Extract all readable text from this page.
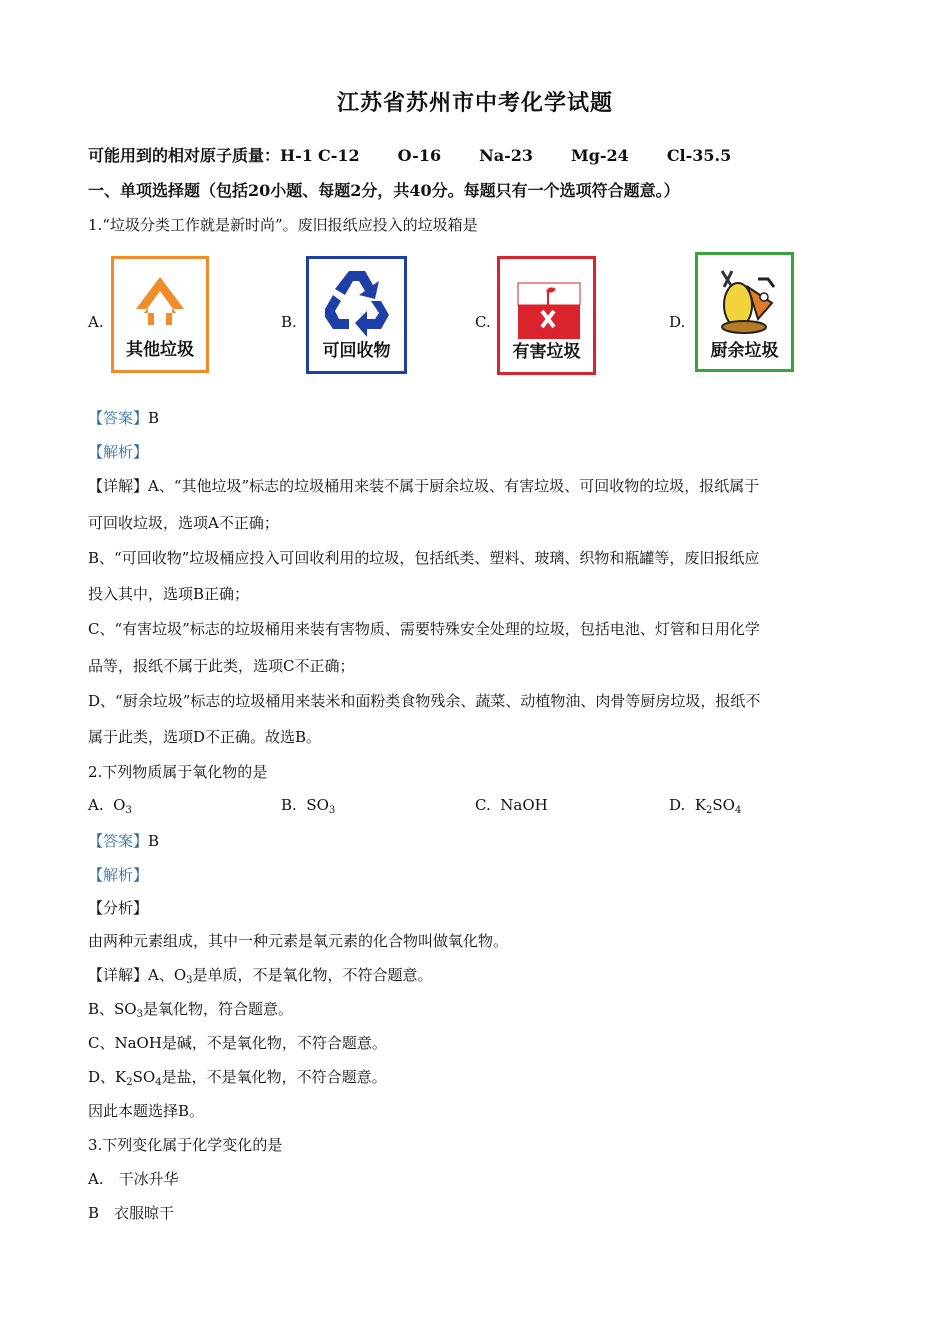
江苏省苏州市中考化学试题
可能用到的相对原子质量：H-1 C-12 O-16 Na-23 Mg-24 Cl-35.5
一、单项选择题（包括20小题、每题2分，共40分。每题只有一个选项符合题意。）
1.“垃圾分类工作就是新时尚”。废旧报纸应投入的垃圾箱是
A.
其他垃圾
B.
可回收物
C.
有害垃圾
D.
厨余垃圾
【答案】B
【解析】
【详解】A、“其他垃圾”标志的垃圾桶用来装不属于厨余垃圾、有害垃圾、可回收物的垃圾，报纸属于
可回收垃圾，选项A不正确；
B、“可回收物”垃圾桶应投入可回收利用的垃圾，包括纸类、塑料、玻璃、织物和瓶罐等，废旧报纸应
投入其中，选项B正确；
C、“有害垃圾”标志的垃圾桶用来装有害物质、需要特殊安全处理的垃圾，包括电池、灯管和日用化学
品等，报纸不属于此类，选项C不正确；
D、“厨余垃圾”标志的垃圾桶用来装米和面粉类食物残余、蔬菜、动植物油、肉骨等厨房垃圾，报纸不
属于此类，选项D不正确。故选B。
2.下列物质属于氧化物的是
A. $O_3$	B. $SO_3$	C. NaOH	D. $K_2SO_4$
【答案】B
【解析】
【分析】
由两种元素组成，其中一种元素是氧元素的化合物叫做氧化物。
【详解】A、$O_3$是单质，不是氧化物，不符合题意。
B、$SO_3$是氧化物，符合题意。
C、NaOH是碱，不是氧化物，不符合题意。
D、$K_2SO_4$是盐，不是氧化物，不符合题意。
因此本题选择B。
3.下列变化属于化学变化的是
A.　干冰升华
B　衣服晾干
